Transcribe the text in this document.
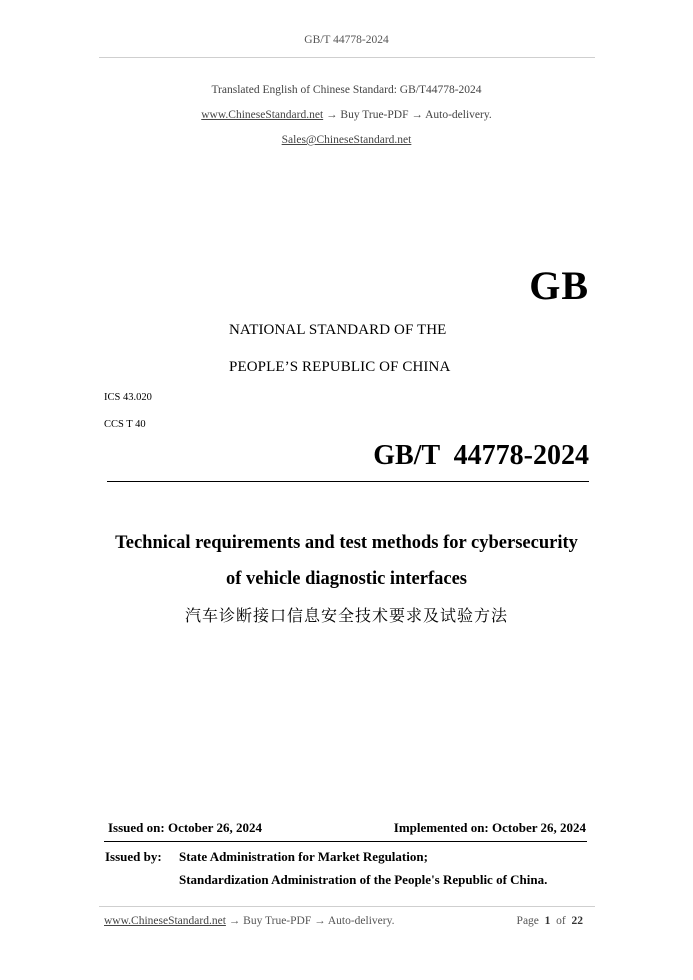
GB/T 44778-2024
Translated English of Chinese Standard: GB/T44778-2024
www.ChineseStandard.net → Buy True-PDF → Auto-delivery.
Sales@ChineseStandard.net
GB
NATIONAL STANDARD OF THE
PEOPLE’S REPUBLIC OF CHINA
ICS 43.020
CCS T 40
GB/T  44778-2024
Technical requirements and test methods for cybersecurity
of vehicle diagnostic interfaces
汽车诊断接口信息安全技术要求及试验方法
Issued on: October 26, 2024	Implemented on: October 26, 2024
Issued by: State Administration for Market Regulation;
Standardization Administration of the People's Republic of China.
www.ChineseStandard.net → Buy True-PDF → Auto-delivery.	Page 1 of 22
